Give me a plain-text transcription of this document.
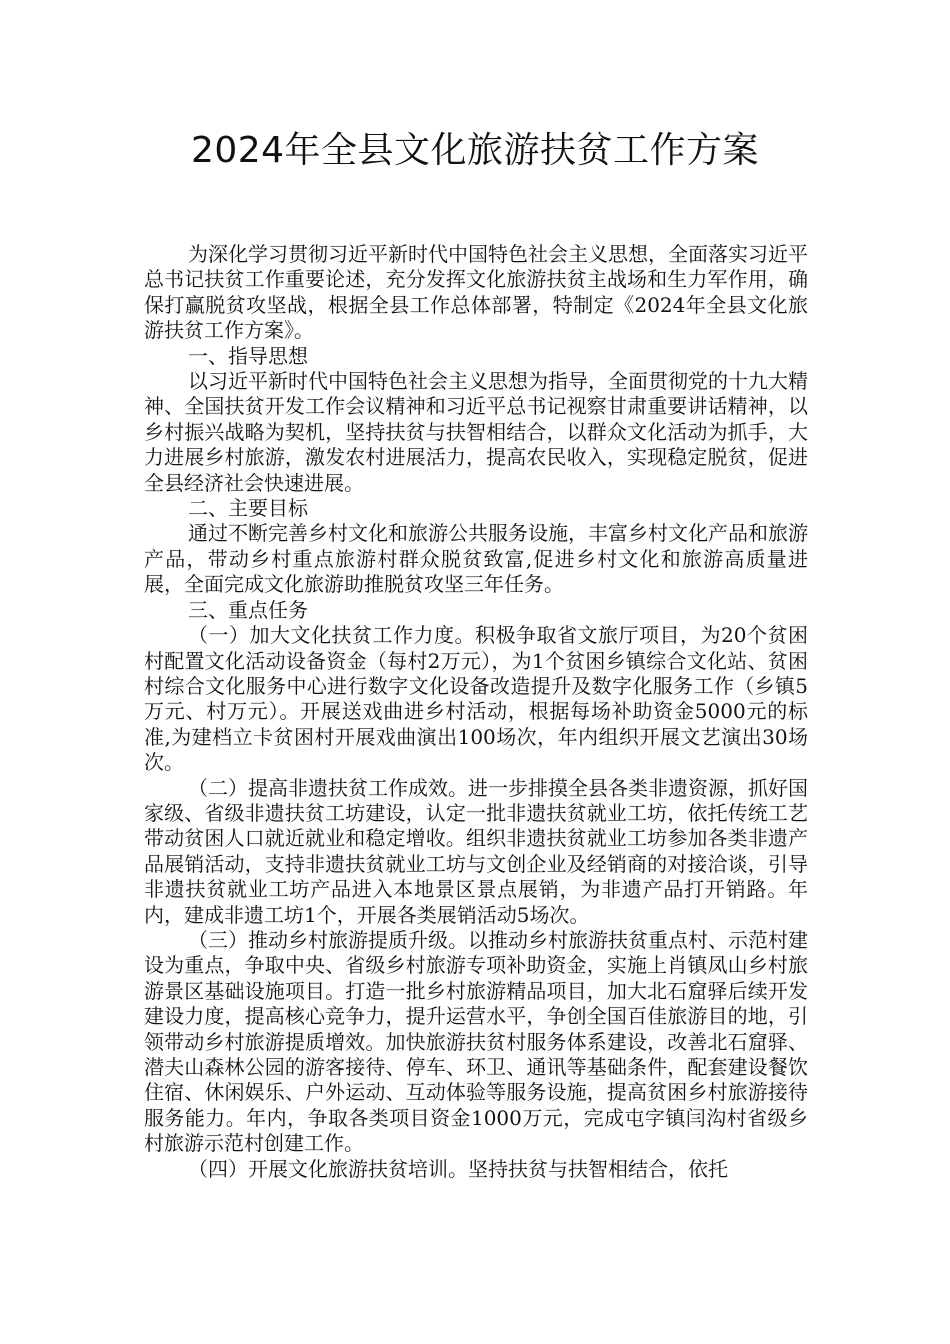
2024年全县文化旅游扶贫工作方案

为深化学习贯彻习近平新时代中国特色社会主义思想，全面落实习近平总书记扶贫工作重要论述，充分发挥文化旅游扶贫主战场和生力军作用，确保打赢脱贫攻坚战，根据全县工作总体部署，特制定《2024年全县文化旅游扶贫工作方案》。

一、指导思想

以习近平新时代中国特色社会主义思想为指导，全面贯彻党的十九大精神、全国扶贫开发工作会议精神和习近平总书记视察甘肃重要讲话精神，以乡村振兴战略为契机，坚持扶贫与扶智相结合，以群众文化活动为抓手，大力进展乡村旅游，激发农村进展活力，提高农民收入，实现稳定脱贫，促进全县经济社会快速进展。

二、主要目标

通过不断完善乡村文化和旅游公共服务设施，丰富乡村文化产品和旅游产品，带动乡村重点旅游村群众脱贫致富,促进乡村文化和旅游高质量进展，全面完成文化旅游助推脱贫攻坚三年任务。

三、重点任务

（一）加大文化扶贫工作力度。积极争取省文旅厅项目，为20个贫困村配置文化活动设备资金（每村2万元），为1个贫困乡镇综合文化站、贫困村综合文化服务中心进行数字文化设备改造提升及数字化服务工作（乡镇5万元、村万元）。开展送戏曲进乡村活动，根据每场补助资金5000元的标准,为建档立卡贫困村开展戏曲演出100场次，年内组织开展文艺演出30场次。

（二）提高非遗扶贫工作成效。进一步排摸全县各类非遗资源，抓好国家级、省级非遗扶贫工坊建设，认定一批非遗扶贫就业工坊，依托传统工艺带动贫困人口就近就业和稳定增收。组织非遗扶贫就业工坊参加各类非遗产品展销活动，支持非遗扶贫就业工坊与文创企业及经销商的对接洽谈，引导非遗扶贫就业工坊产品进入本地景区景点展销，为非遗产品打开销路。年内，建成非遗工坊1个，开展各类展销活动5场次。

（三）推动乡村旅游提质升级。以推动乡村旅游扶贫重点村、示范村建设为重点，争取中央、省级乡村旅游专项补助资金，实施上肖镇凤山乡村旅游景区基础设施项目。打造一批乡村旅游精品项目，加大北石窟驿后续开发建设力度，提高核心竞争力，提升运营水平，争创全国百佳旅游目的地，引领带动乡村旅游提质增效。加快旅游扶贫村服务体系建设，改善北石窟驿、潜夫山森林公园的游客接待、停车、环卫、通讯等基础条件，配套建设餐饮住宿、休闲娱乐、户外运动、互动体验等服务设施，提高贫困乡村旅游接待服务能力。年内，争取各类项目资金1000万元，完成屯字镇闫沟村省级乡村旅游示范村创建工作。

（四）开展文化旅游扶贫培训。坚持扶贫与扶智相结合，依托
